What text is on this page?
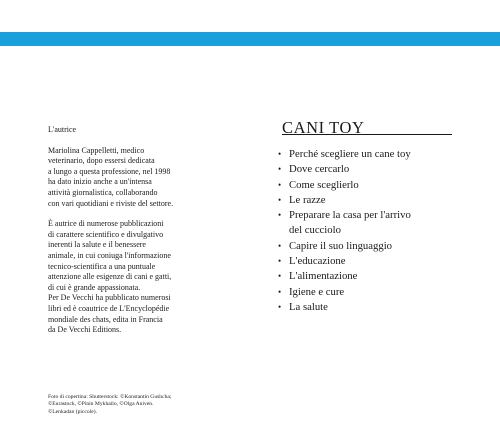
L'autrice

Mariolina Cappelletti, medico
veterinario, dopo essersi dedicata
a lungo a questa professione, nel 1998
ha dato inizio anche a un'intensa
attività giornalistica, collaborando
con vari quotidiani e riviste del settore.

È autrice di numerose pubblicazioni
di carattere scientifico e divulgativo
inerenti la salute e il benessere
animale, in cui coniuga l'informazione
tecnico-scientifica a una puntuale
attenzione alle esigenze di cani e gatti,
di cui è grande appassionata.
Per De Vecchi ha pubblicato numerosi
libri ed è coautrice de L'Encyclopédie
mondiale des chats, edita in Francia
da De Vecchi Editions.

Foto di copertina: Shutterstock: ©Konstantin Gushcha;
©Eurastock, ©Pinin Mykhailo, ©Olga Aniven.
©Lenkadan (piccole).
CANI TOY
• Perché scegliere un cane toy
• Dove cercarlo
• Come sceglierlo
• Le razze
• Preparare la casa per l'arrivo
del cucciolo
• Capire il suo linguaggio
• L'educazione
• L'alimentazione
• Igiene e cure
• La salute
